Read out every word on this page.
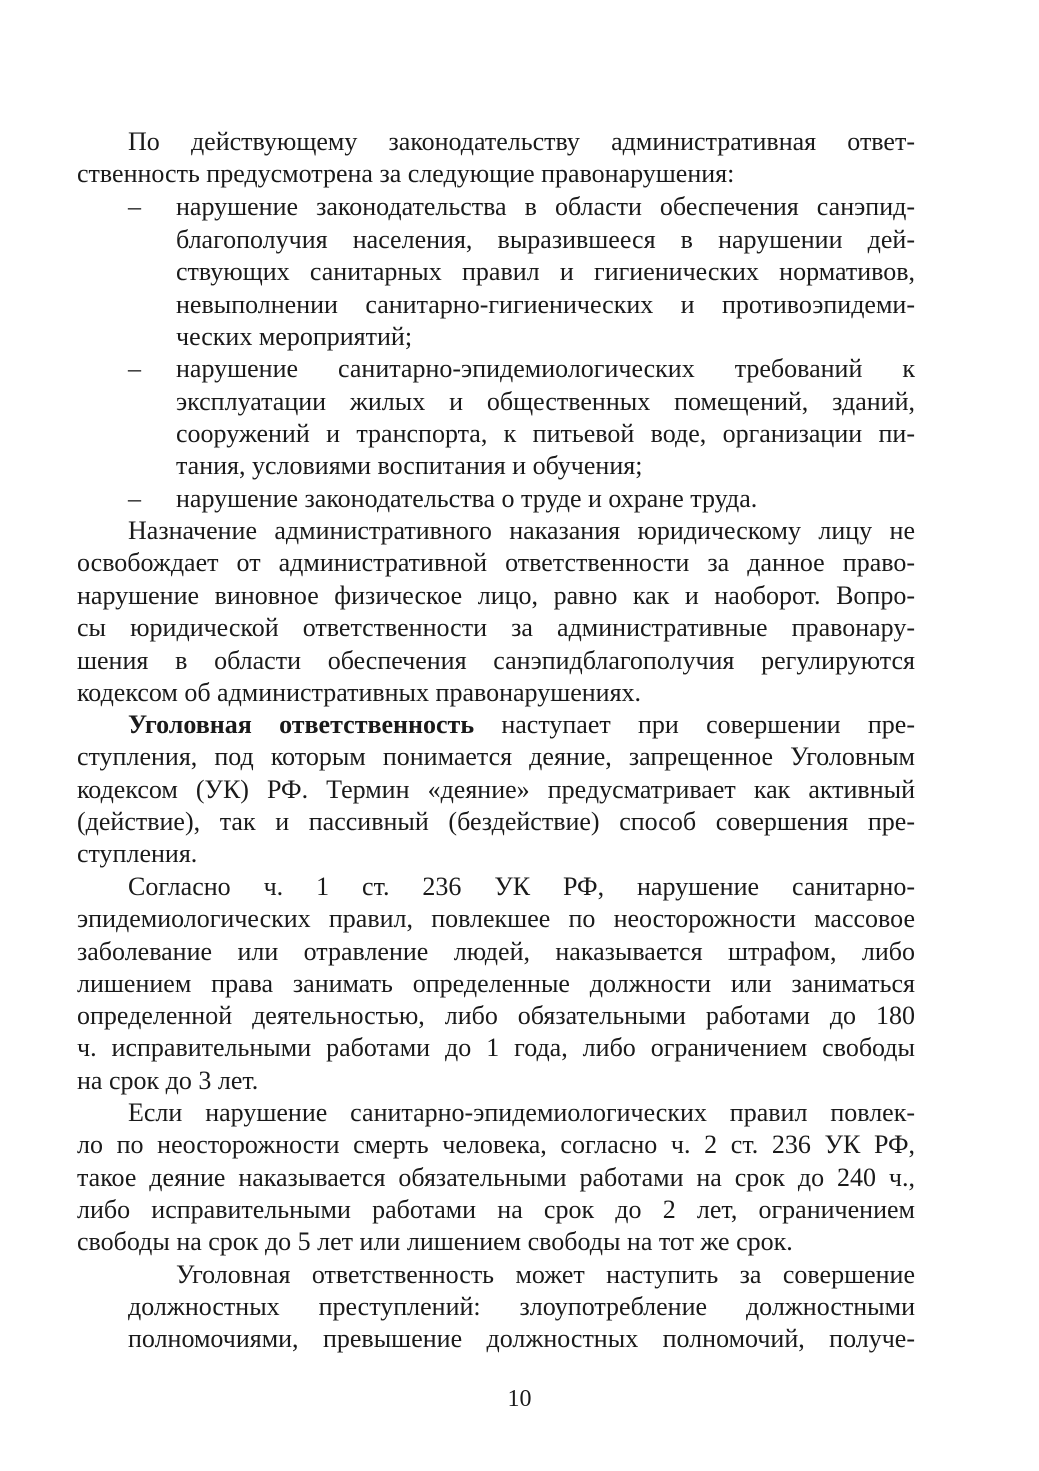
По действующему законодательству административная ответ-
ственность предусмотрена за следующие правонарушения:
– нарушение законодательства в области обеспечения санэпид-
благополучия населения, выразившееся в нарушении дей-
ствующих санитарных правил и гигиенических нормативов,
невыполнении санитарно-гигиенических и противоэпидеми-
ческих мероприятий;
– нарушение санитарно-эпидемиологических требований к
эксплуатации жилых и общественных помещений, зданий,
сооружений и транспорта, к питьевой воде, организации пи-
тания, условиями воспитания и обучения;
– нарушение законодательства о труде и охране труда.
Назначение административного наказания юридическому лицу не
освобождает от административной ответственности за данное право-
нарушение виновное физическое лицо, равно как и наоборот. Вопро-
сы юридической ответственности за административные правонару-
шения в области обеспечения санэпидблагополучия регулируются
кодексом об административных правонарушениях.
Уголовная ответственность наступает при совершении пре-
ступления, под которым понимается деяние, запрещенное Уголовным
кодексом (УК) РФ. Термин «деяние» предусматривает как активный
(действие), так и пассивный (бездействие) способ совершения пре-
ступления.
Согласно ч. 1 ст. 236 УК РФ, нарушение санитарно-
эпидемиологических правил, повлекшее по неосторожности массовое
заболевание или отравление людей, наказывается штрафом, либо
лишением права занимать определенные должности или заниматься
определенной деятельностью, либо обязательными работами до 180
ч. исправительными работами до 1 года, либо ограничением свободы
на срок до 3 лет.
Если нарушение санитарно-эпидемиологических правил повлек-
ло по неосторожности смерть человека, согласно ч. 2 ст. 236 УК РФ,
такое деяние наказывается обязательными работами на срок до 240 ч.,
либо исправительными работами на срок до 2 лет, ограничением
свободы на срок до 5 лет или лишением свободы на тот же срок.
Уголовная ответственность может наступить за совершение
должностных преступлений: злоупотребление должностными
полномочиями, превышение должностных полномочий, получе-
10
